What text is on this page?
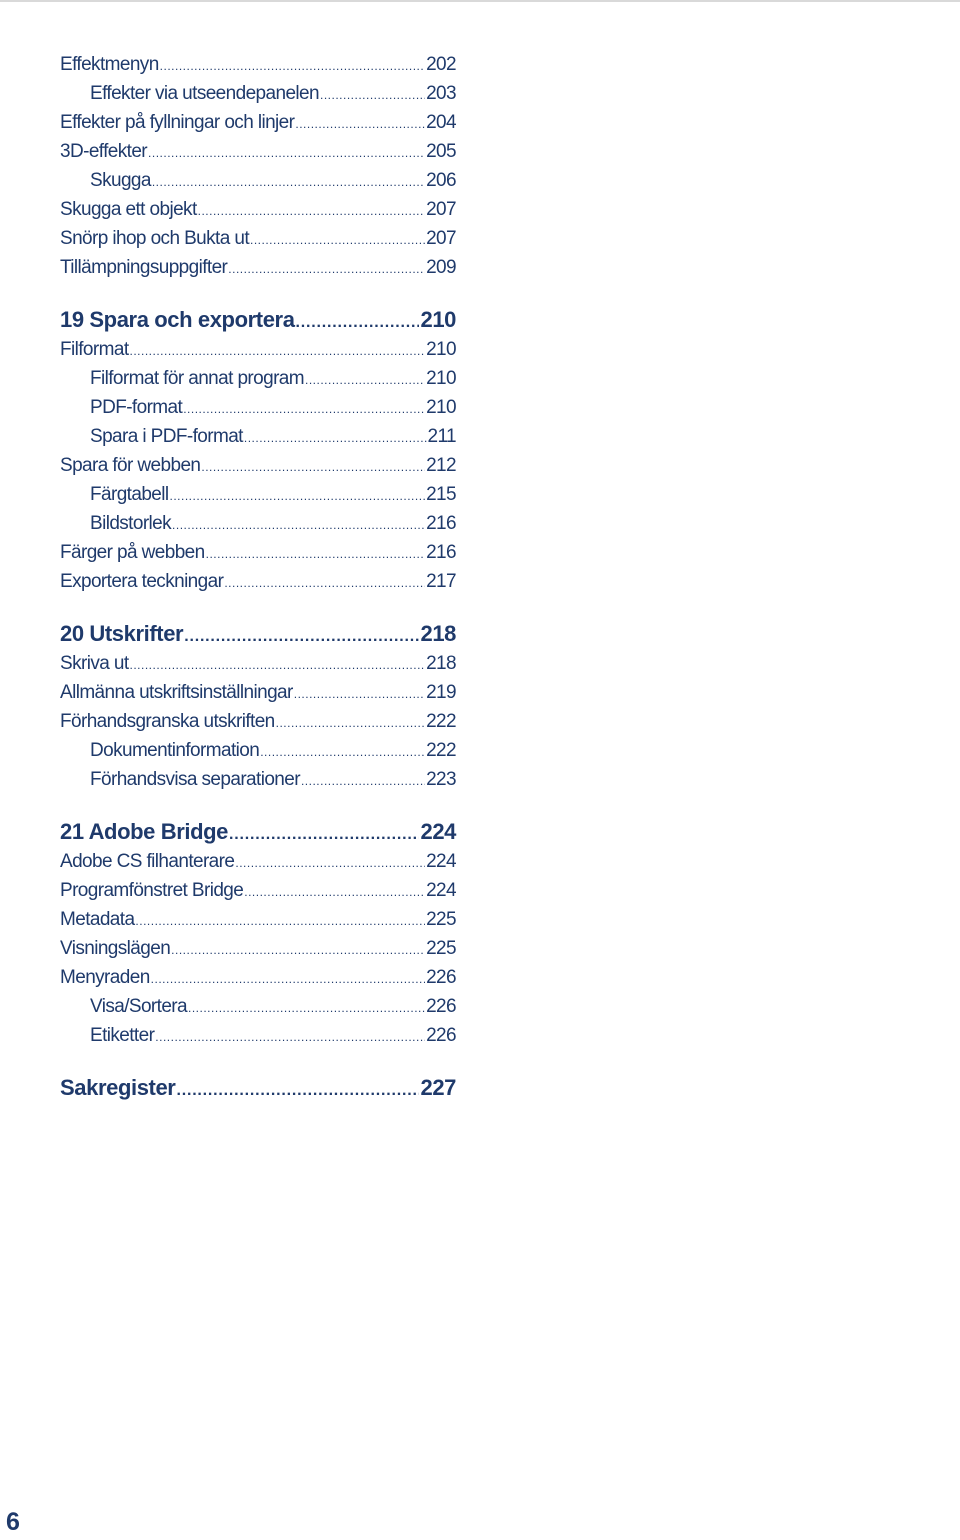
Effektmenyn .....	202
Effekter via utseendepanelen .....	203
Effekter på fyllningar och linjer .....	204
3D-effekter .....	205
Skugga .....	206
Skugga ett objekt .....	207
Snörp ihop och Bukta ut .....	207
Tillämpningsuppgifter .....	209
19 Spara och exportera .....	210
Filformat .....	210
Filformat för annat program .....	210
PDF-format .....	210
Spara i PDF-format .....	211
Spara för webben .....	212
Färgtabell .....	215
Bildstorlek .....	216
Färger på webben .....	216
Exportera teckningar .....	217
20 Utskrifter .....	218
Skriva ut .....	218
Allmänna utskriftsinställningar .....	219
Förhandsgranska utskriften .....	222
Dokumentinformation .....	222
Förhandsvisa separationer .....	223
21 Adobe Bridge .....	224
Adobe CS filhanterare .....	224
Programfönstret Bridge .....	224
Metadata .....	225
Visningslägen .....	225
Menyraden .....	226
Visa/Sortera .....	226
Etiketter .....	226
Sakregister .....	227
6
